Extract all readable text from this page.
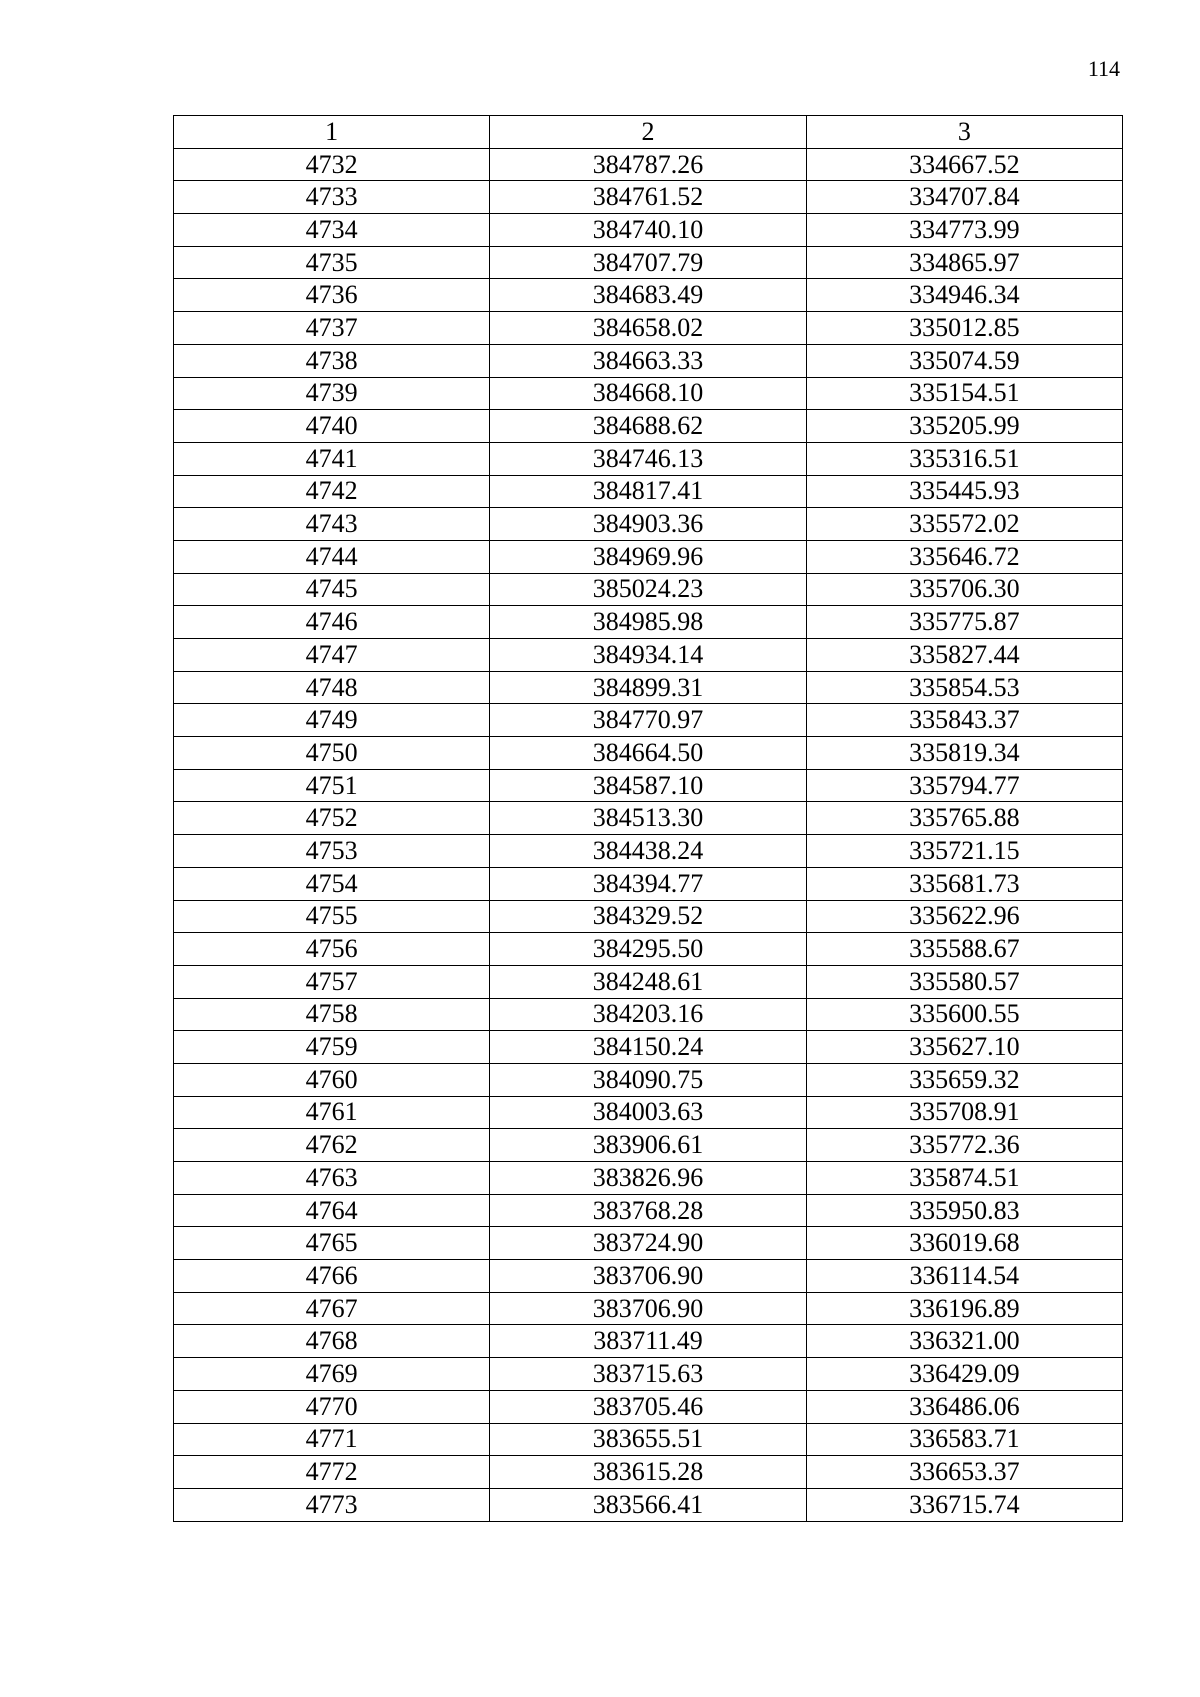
114
1	2	3
4732	384787.26	334667.52
4733	384761.52	334707.84
4734	384740.10	334773.99
4735	384707.79	334865.97
4736	384683.49	334946.34
4737	384658.02	335012.85
4738	384663.33	335074.59
4739	384668.10	335154.51
4740	384688.62	335205.99
4741	384746.13	335316.51
4742	384817.41	335445.93
4743	384903.36	335572.02
4744	384969.96	335646.72
4745	385024.23	335706.30
4746	384985.98	335775.87
4747	384934.14	335827.44
4748	384899.31	335854.53
4749	384770.97	335843.37
4750	384664.50	335819.34
4751	384587.10	335794.77
4752	384513.30	335765.88
4753	384438.24	335721.15
4754	384394.77	335681.73
4755	384329.52	335622.96
4756	384295.50	335588.67
4757	384248.61	335580.57
4758	384203.16	335600.55
4759	384150.24	335627.10
4760	384090.75	335659.32
4761	384003.63	335708.91
4762	383906.61	335772.36
4763	383826.96	335874.51
4764	383768.28	335950.83
4765	383724.90	336019.68
4766	383706.90	336114.54
4767	383706.90	336196.89
4768	383711.49	336321.00
4769	383715.63	336429.09
4770	383705.46	336486.06
4771	383655.51	336583.71
4772	383615.28	336653.37
4773	383566.41	336715.74
